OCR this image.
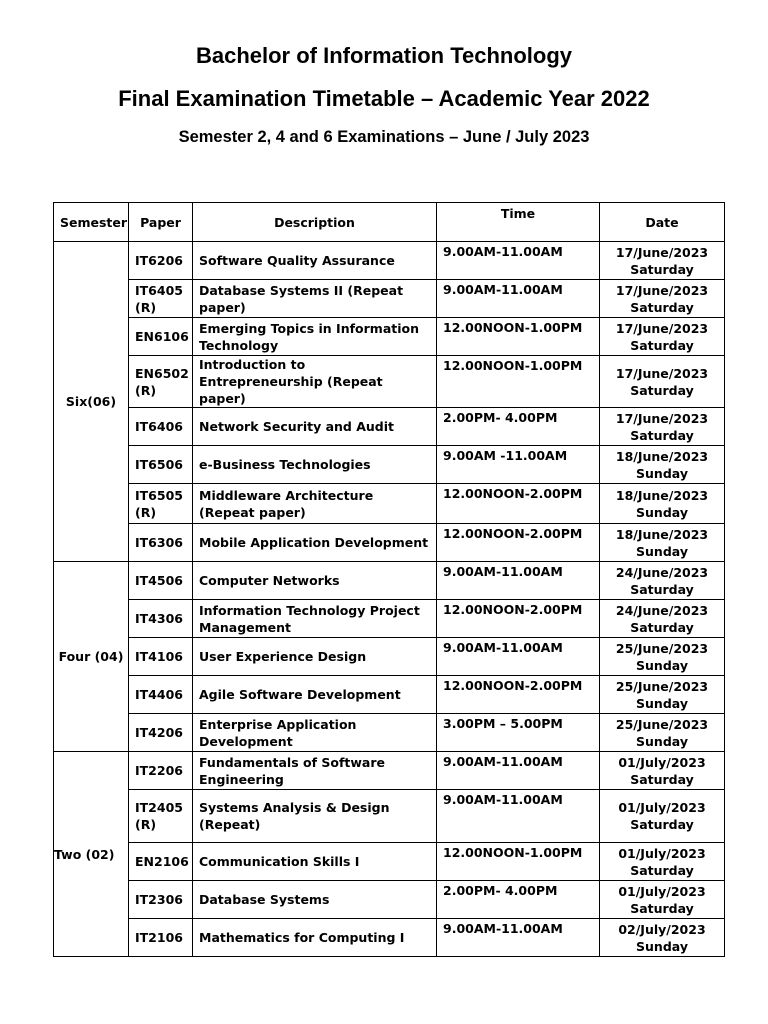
Bachelor of Information Technology
Final Examination Timetable – Academic Year 2022
Semester 2, 4 and 6 Examinations – June / July 2023
Semester	Paper	Description	Time	Date
Six(06)	IT6206	Software Quality Assurance	9.00AM-11.00AM	17/June/2023
Saturday

	IT6405 (R)	Database Systems II (Repeat paper)	9.00AM-11.00AM	17/June/2023
Saturday

	EN6106	Emerging Topics in Information Technology	12.00NOON-1.00PM	17/June/2023
Saturday

	EN6502 (R)	Introduction to Entrepreneurship (Repeat paper)	12.00NOON-1.00PM	17/June/2023
Saturday

	IT6406	Network Security and Audit	2.00PM- 4.00PM	17/June/2023
Saturday

	IT6506	e-Business Technologies	9.00AM -11.00AM	18/June/2023
Sunday

	IT6505 (R)	Middleware Architecture (Repeat paper)	12.00NOON-2.00PM	18/June/2023
Sunday

	IT6306	Mobile Application Development	12.00NOON-2.00PM	18/June/2023
Sunday

Four (04)	IT4506	Computer Networks	9.00AM-11.00AM	24/June/2023
Saturday

	IT4306	Information Technology Project Management	12.00NOON-2.00PM	24/June/2023
Saturday

	IT4106	User Experience Design	9.00AM-11.00AM	25/June/2023
Sunday

	IT4406	Agile Software Development	12.00NOON-2.00PM	25/June/2023
Sunday

	IT4206	Enterprise Application Development	3.00PM – 5.00PM	25/June/2023
Sunday

Two (02)	IT2206	Fundamentals of Software Engineering	9.00AM-11.00AM	01/July/2023
Saturday

	IT2405 (R)	Systems Analysis & Design (Repeat)	9.00AM-11.00AM	01/July/2023
Saturday

	EN2106	Communication Skills I	12.00NOON-1.00PM	01/July/2023
Saturday

	IT2306	Database Systems	2.00PM- 4.00PM	01/July/2023
Saturday

	IT2106	Mathematics for Computing I	9.00AM-11.00AM	02/July/2023
Sunday
